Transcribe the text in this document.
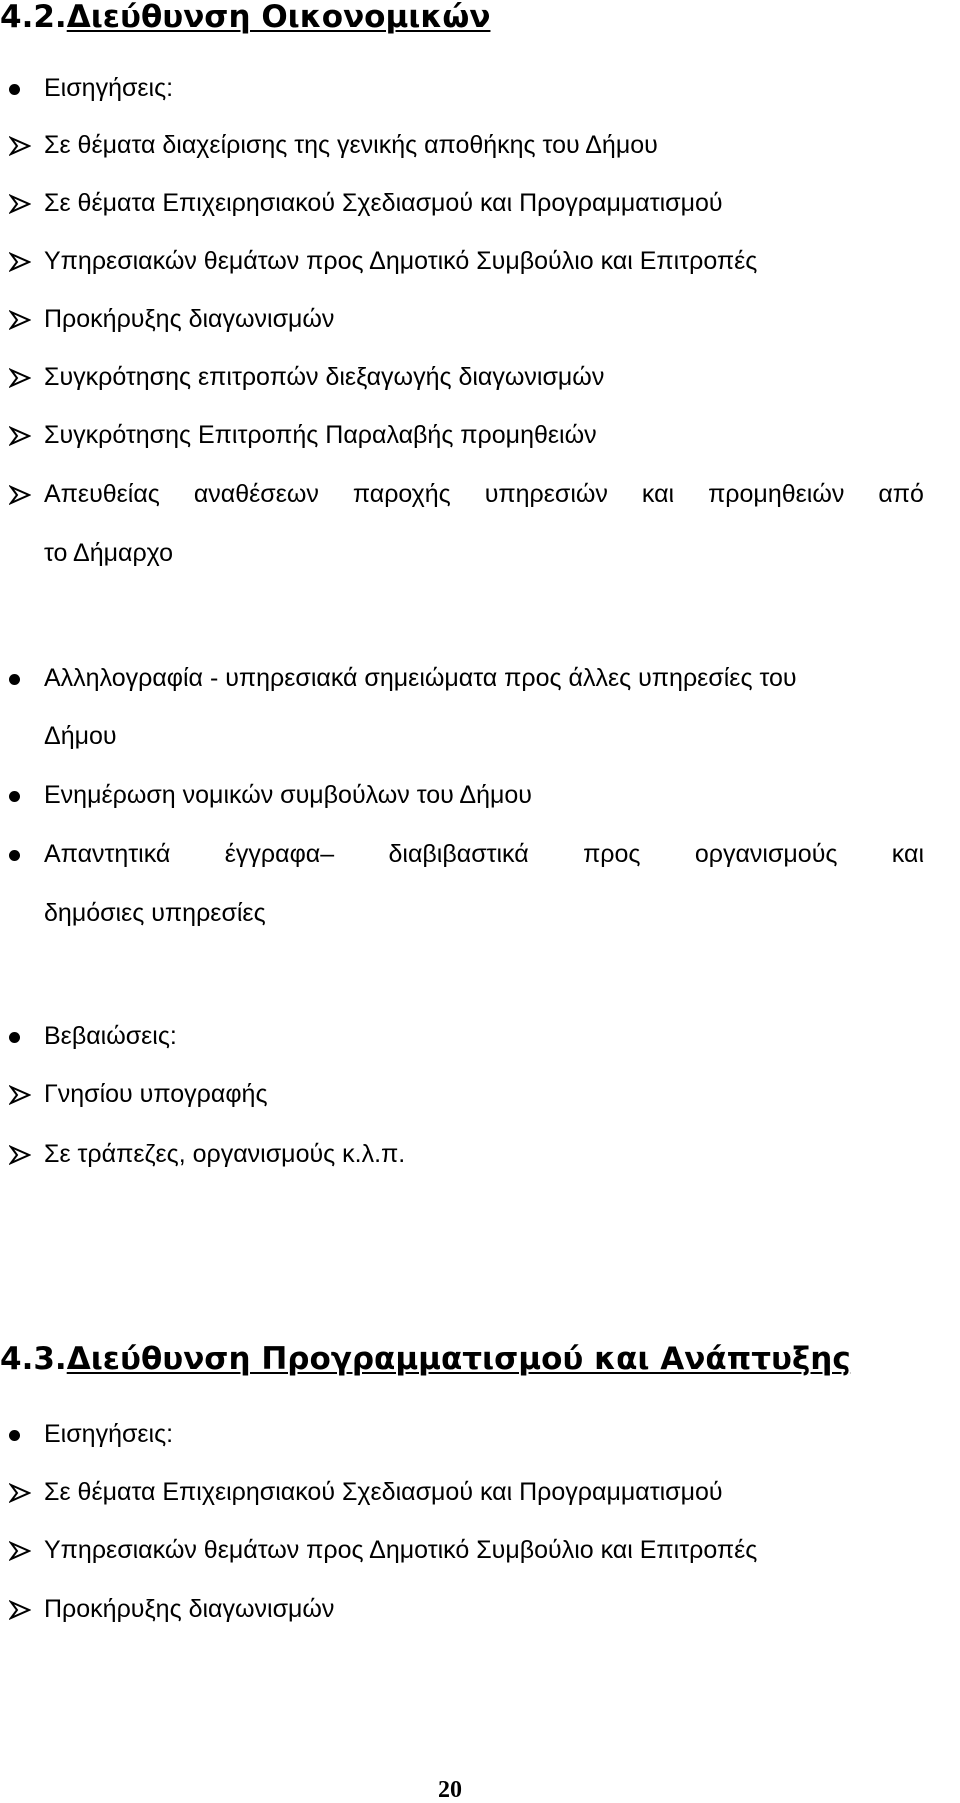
4.2.Διεύθυνση Οικονομικών
Εισηγήσεις:
Σε θέματα διαχείρισης της γενικής αποθήκης του Δήμου
Σε θέματα Επιχειρησιακού Σχεδιασμού και Προγραμματισμού
Υπηρεσιακών θεμάτων προς Δημοτικό Συμβούλιο και Επιτροπές
Προκήρυξης διαγωνισμών
Συγκρότησης επιτροπών διεξαγωγής διαγωνισμών
Συγκρότησης Επιτροπής Παραλαβής προμηθειών
Απευθείας αναθέσεων παροχής υπηρεσιών και προμηθειών από
το Δήμαρχο
Αλληλογραφία - υπηρεσιακά σημειώματα προς άλλες υπηρεσίες του
Δήμου
Ενημέρωση νομικών συμβούλων του Δήμου
Απαντητικά έγγραφα– διαβιβαστικά προς οργανισμούς και
δημόσιες υπηρεσίες
Βεβαιώσεις:
Γνησίου υπογραφής
Σε τράπεζες, οργανισμούς κ.λ.π.
4.3.Διεύθυνση Προγραμματισμού και Ανάπτυξης
Εισηγήσεις:
Σε θέματα Επιχειρησιακού Σχεδιασμού και Προγραμματισμού
Υπηρεσιακών θεμάτων προς Δημοτικό Συμβούλιο και Επιτροπές
Προκήρυξης διαγωνισμών
20
